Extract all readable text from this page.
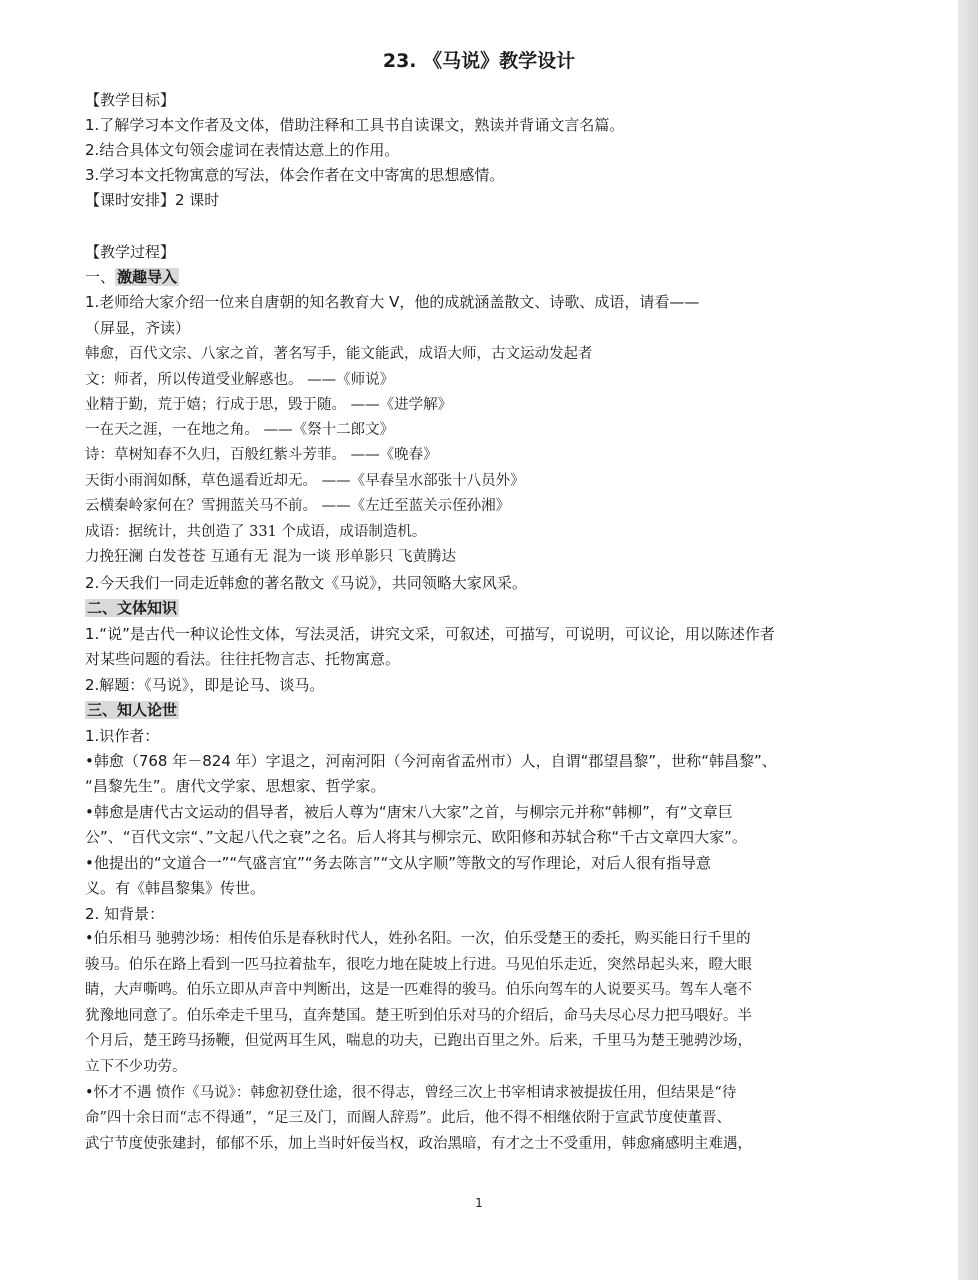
23. 《马说》教学设计
【教学目标】
1.了解学习本文作者及文体，借助注释和工具书自读课文，熟读并背诵文言名篇。
2.结合具体文句领会虚词在表情达意上的作用。
3.学习本文托物寓意的写法，体会作者在文中寄寓的思想感情。
【课时安排】2 课时
【教学过程】
一、 激趣导入
1.老师给大家介绍一位来自唐朝的知名教育大 V，他的成就涵盖散文、诗歌、成语，请看——
（屏显，齐读）
韩愈，百代文宗、八家之首，著名写手，能文能武，成语大师，古文运动发起者
文：师者，所以传道受业解惑也。 ——《师说》
业精于勤，荒于嬉；行成于思，毁于随。 ——《进学解》
一在天之涯，一在地之角。 ——《祭十二郎文》
诗：草树知春不久归，百般红紫斗芳菲。 ——《晚春》
天街小雨润如酥，草色遥看近却无。 ——《早春呈水部张十八员外》
云横秦岭家何在？雪拥蓝关马不前。 ——《左迁至蓝关示侄孙湘》
成语：据统计，共创造了 331 个成语，成语制造机。
力挽狂澜 白发苍苍 互通有无 混为一谈 形单影只 飞黄腾达
2.今天我们一同走近韩愈的著名散文《马说》，共同领略大家风采。
二、文体知识
1.“说”是古代一种议论性文体，写法灵活，讲究文采，可叙述，可描写，可说明，可议论，用以陈述作者
对某些问题的看法。往往托物言志、托物寓意。
2.解题：《马说》，即是论马、谈马。
三、知人论世
1.识作者：
•韩愈（768 年－824 年）字退之，河南河阳（今河南省孟州市）人，自谓“郡望昌黎”，世称“韩昌黎”、
“昌黎先生”。唐代文学家、思想家、哲学家。
•韩愈是唐代古文运动的倡导者，被后人尊为“唐宋八大家”之首，与柳宗元并称“韩柳”，有“文章巨
公”、“百代文宗“、”文起八代之衰”之名。后人将其与柳宗元、欧阳修和苏轼合称“千古文章四大家”。
•他提出的“文道合一”“气盛言宜”“务去陈言”“文从字顺”等散文的写作理论，对后人很有指导意
义。有《韩昌黎集》传世。
2. 知背景：
•伯乐相马 驰骋沙场：相传伯乐是春秋时代人，姓孙名阳。一次，伯乐受楚王的委托，购买能日行千里的
骏马。伯乐在路上看到一匹马拉着盐车，很吃力地在陡坡上行进。马见伯乐走近，突然昂起头来，瞪大眼
睛，大声嘶鸣。伯乐立即从声音中判断出，这是一匹难得的骏马。伯乐向驾车的人说要买马。驾车人毫不
犹豫地同意了。伯乐牵走千里马，直奔楚国。楚王听到伯乐对马的介绍后，命马夫尽心尽力把马喂好。半
个月后，楚王跨马扬鞭，但觉两耳生风，喘息的功夫，已跑出百里之外。后来，千里马为楚王驰骋沙场，
立下不少功劳。
•怀才不遇 愤作《马说》：韩愈初登仕途，很不得志，曾经三次上书宰相请求被提拔任用，但结果是“待
命”四十余日而“志不得通”，“足三及门，而阍人辞焉”。此后，他不得不相继依附于宣武节度使董晋、
武宁节度使张建封，郁郁不乐，加上当时奸佞当权，政治黑暗，有才之士不受重用，韩愈痛感明主难遇，
1
